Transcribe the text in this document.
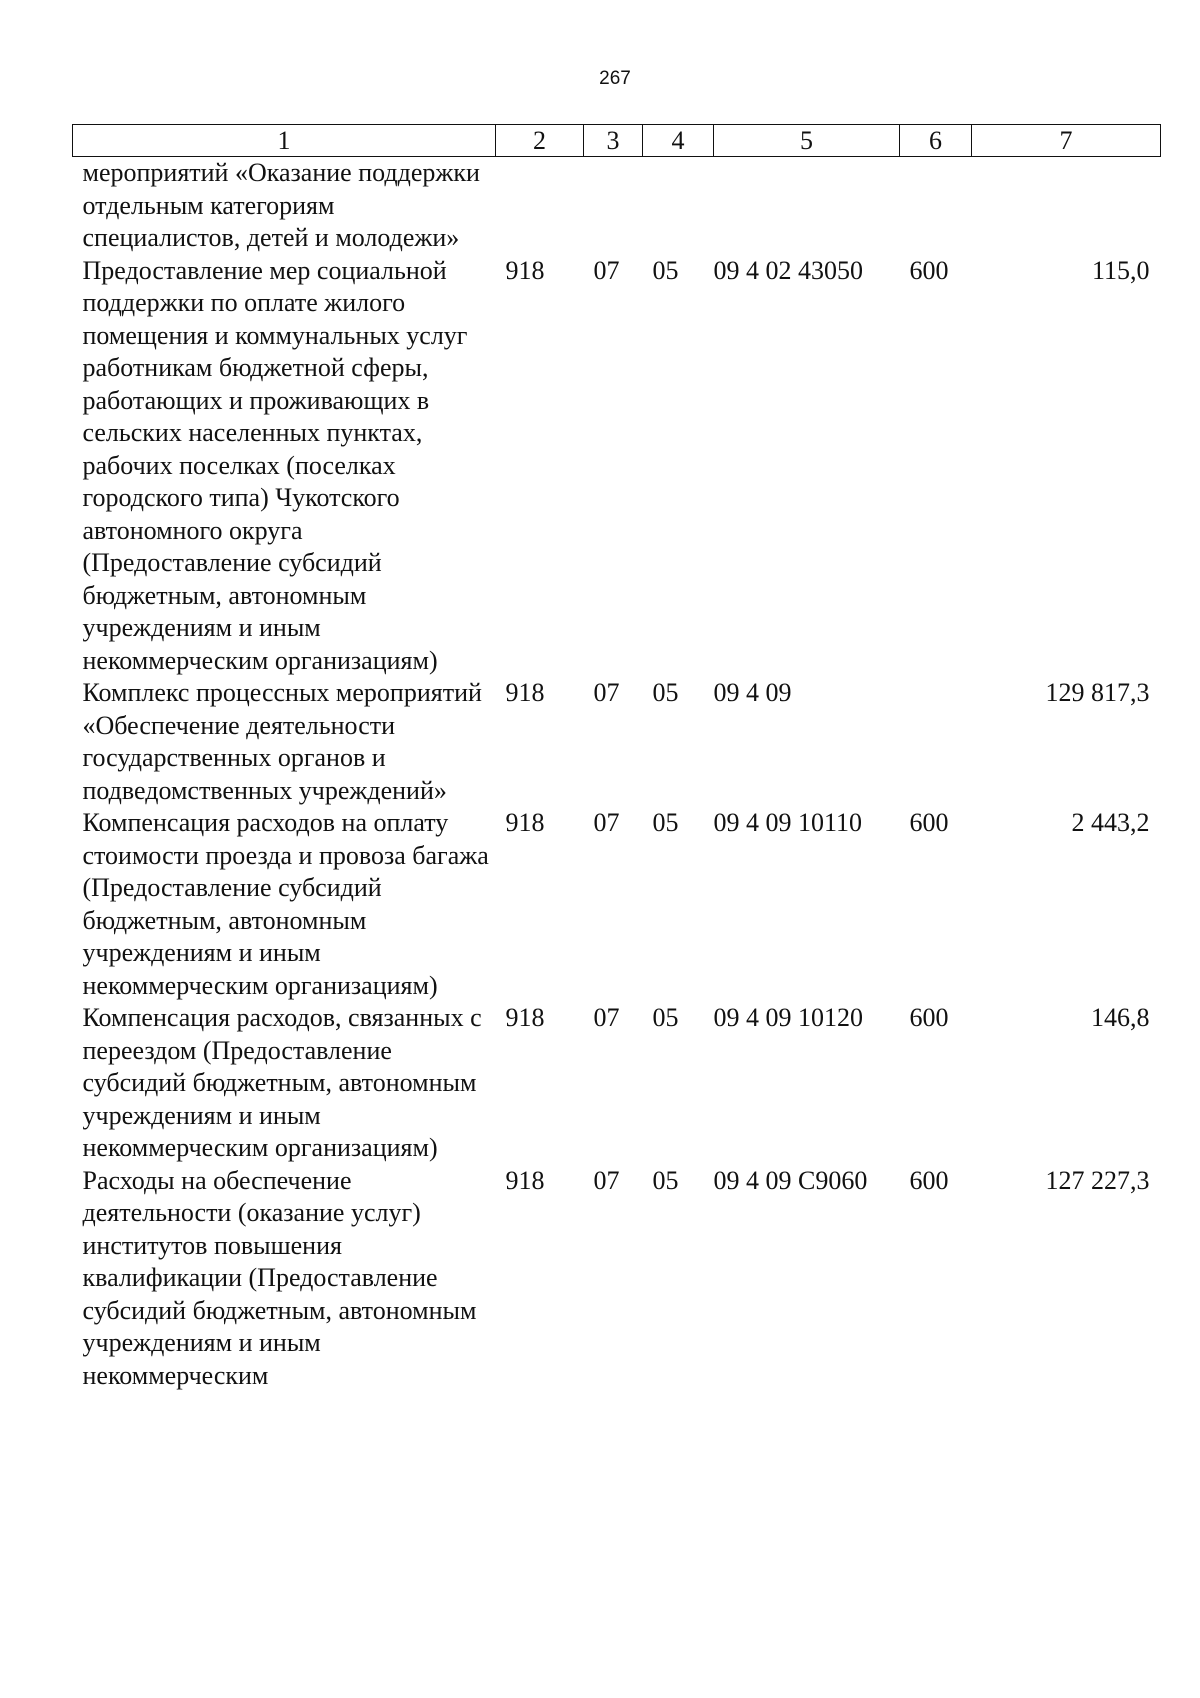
267
1	2	3	4	5	6	7
мероприятий «Оказание поддержки отдельным категориям специалистов, детей и молодежи»						
Предоставление мер социальной поддержки по оплате жилого помещения и коммунальных услуг работникам бюджетной сферы, работающих и проживающих в сельских населенных пунктах, рабочих поселках (поселках городского типа) Чукотского автономного округа (Предоставление субсидий бюджетным, автономным учреждениям и иным некоммерческим организациям)	918	07	05	09 4 02 43050	600	115,0
Комплекс процессных мероприятий «Обеспечение деятельности государственных органов и подведомственных учреждений»	918	07	05	09 4 09		129 817,3
Компенсация расходов на оплату стоимости проезда и провоза багажа (Предоставление субсидий бюджетным, автономным учреждениям и иным некоммерческим организациям)	918	07	05	09 4 09 10110	600	2 443,2
Компенсация расходов, связанных с переездом (Предоставление субсидий бюджетным, автономным учреждениям и иным некоммерческим организациям)	918	07	05	09 4 09 10120	600	146,8
Расходы на обеспечение деятельности (оказание услуг) институтов повышения квалификации (Предоставление субсидий бюджетным, автономным учреждениям и иным некоммерческим	918	07	05	09 4 09 С9060	600	127 227,3
